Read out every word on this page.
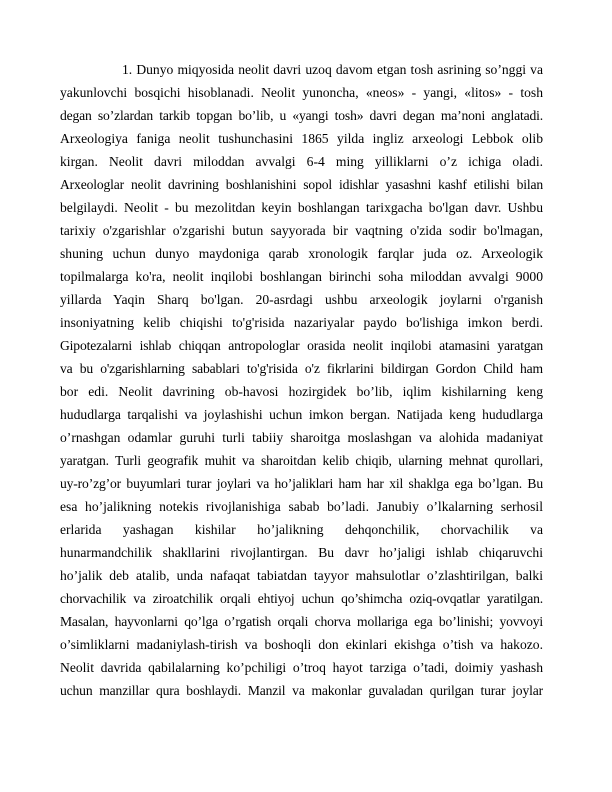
1. Dunyo miqyosida neolit davri uzoq davom etgan tosh asrining so’nggi va
yakunlovchi bosqichi hisoblanadi. Neolit yunoncha, «neos» - yangi, «litos» - tosh
degan so’zlardan tarkib topgan bo’lib, u «yangi tosh» davri degan ma’noni anglatadi.
Arxeologiya faniga neolit tushunchasini 1865 yilda ingliz arxeologi Lebbok olib
kirgan. Neolit davri miloddan avvalgi 6-4 ming yilliklarni o’z ichiga oladi.
Arxeologlar neolit davrining boshlanishini sopol idishlar yasashni kashf etilishi bilan
belgilaydi. Neolit - bu mezolitdan keyin boshlangan tarixgacha bo'lgan davr. Ushbu
tarixiy o'zgarishlar o'zgarishi butun sayyorada bir vaqtning o'zida sodir bo'lmagan,
shuning uchun dunyo maydoniga qarab xronologik farqlar juda oz. Arxeologik
topilmalarga ko'ra, neolit inqilobi boshlangan birinchi soha miloddan avvalgi 9000
yillarda Yaqin Sharq bo'lgan. 20-asrdagi ushbu arxeologik joylarni o'rganish
insoniyatning kelib chiqishi to'g'risida nazariyalar paydo bo'lishiga imkon berdi.
Gipotezalarni ishlab chiqqan antropologlar orasida neolit inqilobi atamasini yaratgan
va bu o'zgarishlarning sabablari to'g'risida o'z fikrlarini bildirgan Gordon Child ham
bor edi. Neolit davrining ob-havosi hozirgidek bo’lib, iqlim kishilarning keng
hududlarga tarqalishi va joylashishi uchun imkon bergan. Natijada keng hududlarga
o’rnashgan odamlar guruhi turli tabiiy sharoitga moslashgan va alohida madaniyat
yaratgan. Turli geografik muhit va sharoitdan kelib chiqib, ularning mehnat qurollari,
uy-ro’zg’or buyumlari turar joylari va ho’jaliklari ham har xil shaklga ega bo’lgan. Bu
esa ho’jalikning notekis rivojlanishiga sabab bo’ladi. Janubiy o’lkalarning serhosil
erlarida yashagan kishilar ho’jalikning dehqonchilik, chorvachilik va
hunarmandchilik shakllarini rivojlantirgan. Bu davr ho’jaligi ishlab chiqaruvchi
ho’jalik deb atalib, unda nafaqat tabiatdan tayyor mahsulotlar o’zlashtirilgan, balki
chorvachilik va ziroatchilik orqali ehtiyoj uchun qo’shimcha oziq-ovqatlar yaratilgan.
Masalan, hayvonlarni qo’lga o’rgatish orqali chorva mollariga ega bo’linishi; yovvoyi
o’simliklarni madaniylash-tirish va boshoqli don ekinlari ekishga o’tish va hakozo.
Neolit davrida qabilalarning ko’pchiligi o’troq hayot tarziga o’tadi, doimiy yashash
uchun manzillar qura boshlaydi. Manzil va makonlar guvaladan qurilgan turar joylar
